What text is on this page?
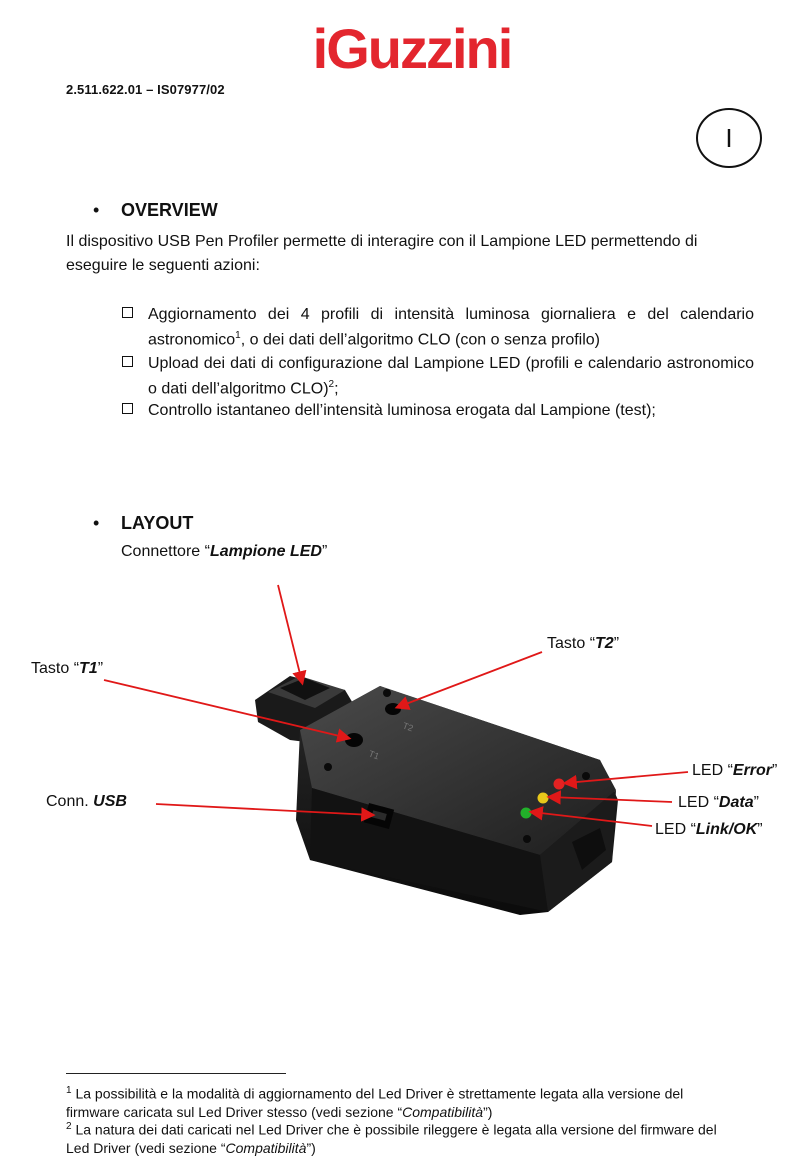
iGuzzini
2.511.622.01 – IS07977/02
I
• OVERVIEW
Il dispositivo USB Pen Profiler permette di interagire con il Lampione LED permettendo di
eseguire le seguenti azioni:
Aggiornamento dei 4 profili di intensità luminosa giornaliera e del calendario astronomico$^1$, o dei dati dell’algoritmo CLO (con o senza profilo)
Upload dei dati di configurazione dal Lampione LED (profili e calendario astronomico o dati dell’algoritmo CLO)$^2$;
Controllo istantaneo dell’intensità luminosa erogata dal Lampione (test);
• LAYOUT
Connettore “Lampione LED”
T2
T1
Tasto “T2”
Tasto “T1”
LED “Error”
Conn. USB	LED “Data”
LED “Link/OK”
$^1$ La possibilità e la modalità di aggiornamento del Led Driver è strettamente legata alla versione del firmware caricata sul Led Driver stesso (vedi sezione “Compatibilità”)
$^2$ La natura dei dati caricati nel Led Driver che è possibile rileggere è legata alla versione del firmware del Led Driver (vedi sezione “Compatibilità”)
